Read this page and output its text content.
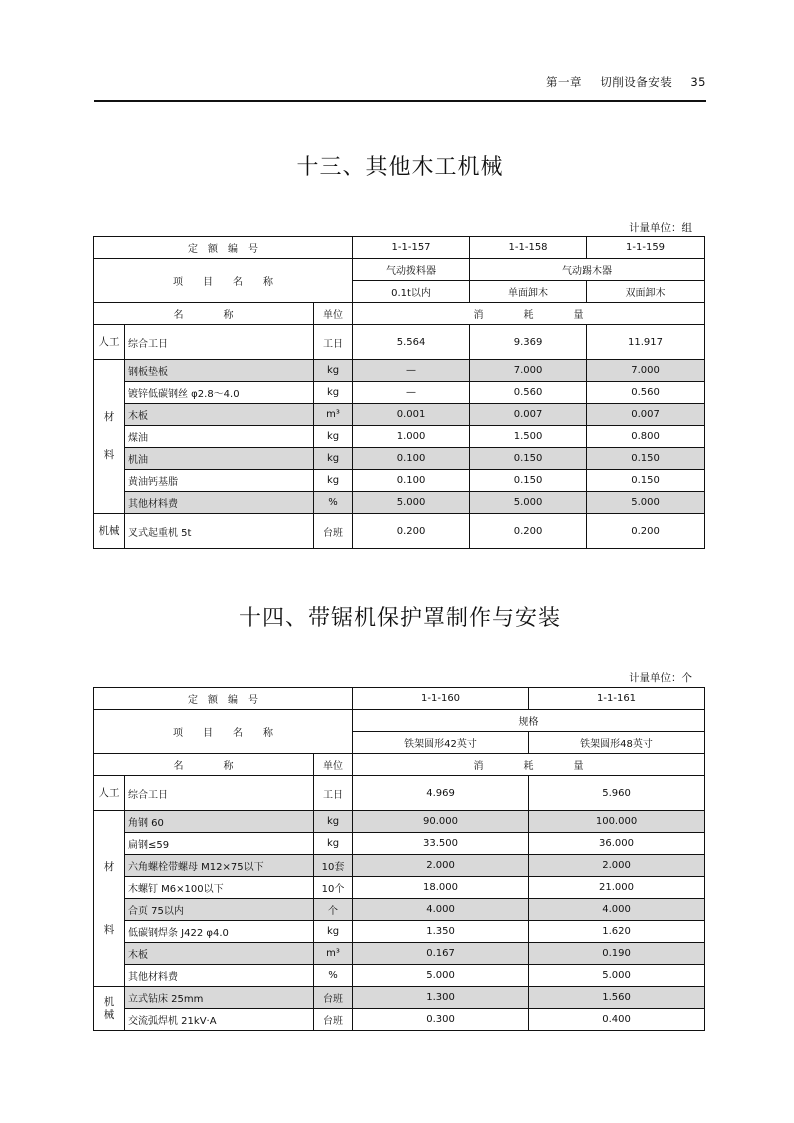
第一章 切削设备安装 35
十三、其他木工机械
计量单位：组
定　额　编　号			1-1-157	1-1-158	1-1-159
项　　目　　名　　称			气动拨料器	气动踢木器	
			0.1t以内	单面卸木	双面卸木
名　　　　称		单位	消　　　　耗　　　　量		
人工	综合工日	工日	5.564	9.369	11.917
材

料	钢板垫板	kg	—	7.000	7.000
	镀锌低碳钢丝 φ2.8～4.0	kg	—	0.560	0.560
	木板	m³	0.001	0.007	0.007
	煤油	kg	1.000	1.500	0.800
	机油	kg	0.100	0.150	0.150
	黄油钙基脂	kg	0.100	0.150	0.150
	其他材料费	%	5.000	5.000	5.000
机械	叉式起重机 5t	台班	0.200	0.200	0.200
十四、带锯机保护罩制作与安装
计量单位：个
定　额　编　号			1-1-160	1-1-161
项　　目　　名　　称			规格	
			铁架圆形42英寸	铁架圆形48英寸
名　　　　称		单位	消　　　　耗　　　　量	
人工	综合工日	工日	4.969	5.960
材

料	角钢 60	kg	90.000	100.000
	扁钢≤59	kg	33.500	36.000
	六角螺栓带螺母 M12×75以下	10套	2.000	2.000
	木螺钉 M6×100以下	10个	18.000	21.000
	合页 75以内	个	4.000	4.000
	低碳钢焊条 J422 φ4.0	kg	1.350	1.620
	木板	m³	0.167	0.190
	其他材料费	%	5.000	5.000
机
械	立式钻床 25mm	台班	1.300	1.560
	交流弧焊机 21kV·A	台班	0.300	0.400
